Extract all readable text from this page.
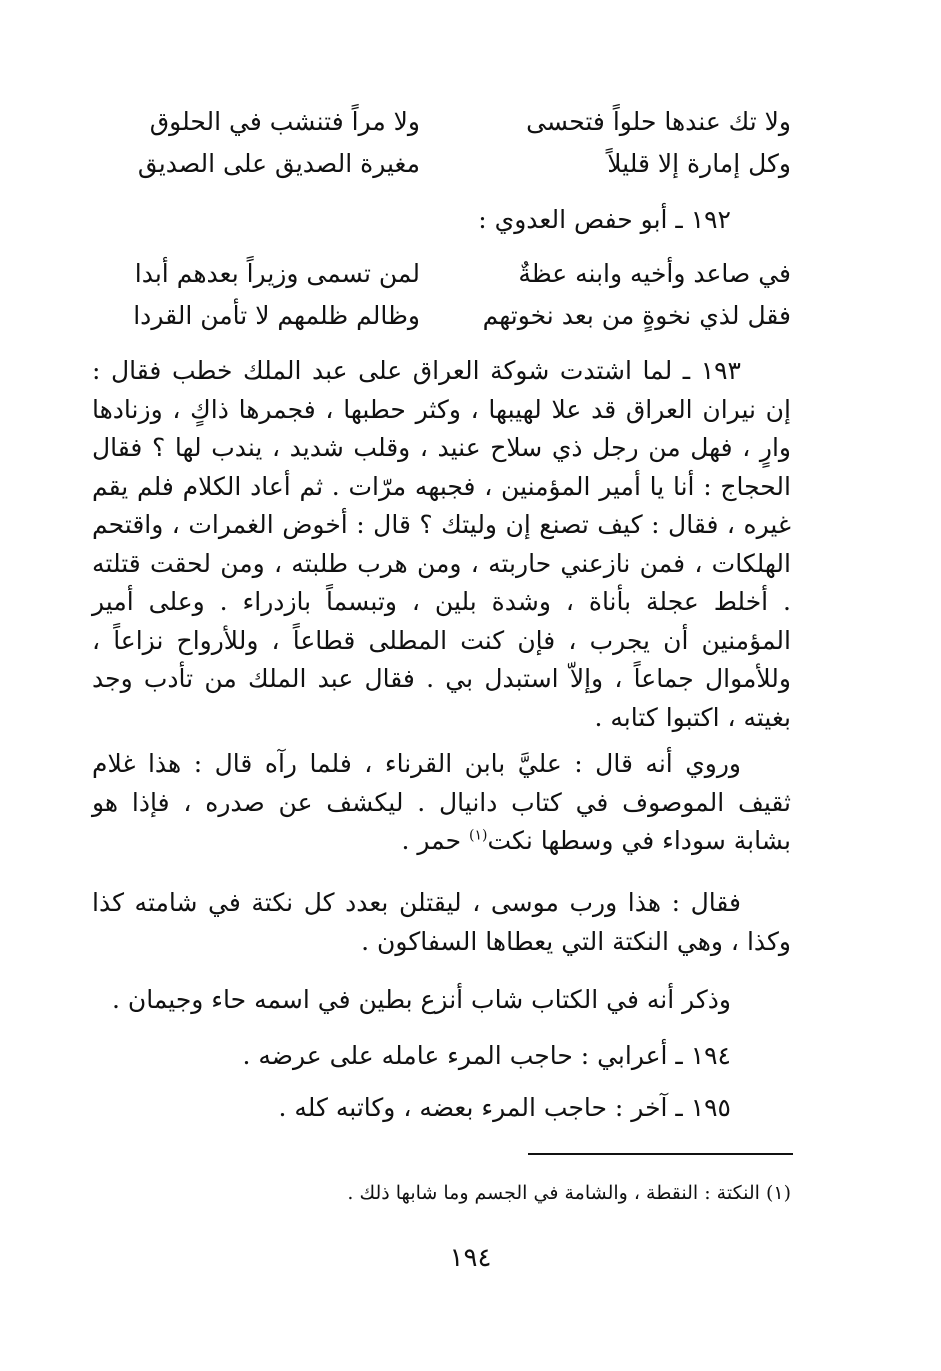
ولا تك عندها حلواً فتحسى
ولا مراً فتنشب في الحلوق
وكل إمارة إلا قليلاً
مغيرة الصديق على الصديق
١٩٢ ـ أبو حفص العدوي :
في صاعد وأخيه وابنه عظةٌ
لمن تسمى وزيراً بعدهم أبدا
فقل لذي نخوةٍ من بعد نخوتهم
وظالم ظلمهم لا تأمن القردا

١٩٣ ـ لما اشتدت شوكة العراق على عبد الملك خطب فقال : إن نيران العراق قد علا لهيبها ، وكثر حطبها ، فجمرها ذاكٍ ، وزنادها وارٍ ، فهل من رجل ذي سلاح عنيد ، وقلب شديد ، يندب لها ؟ فقال الحجاج : أنا يا أمير المؤمنين ، فجبهه مرّات . ثم أعاد الكلام فلم يقم غيره ، فقال : كيف تصنع إن وليتك ؟ قال : أخوض الغمرات ، واقتحم الهلكات ، فمن نازعني حاربته ، ومن هرب طلبته ، ومن لحقت قتلته . أخلط عجلة بأناة ، وشدة بلين ، وتبسماً بازدراء . وعلى أمير المؤمنين أن يجرب ، فإن كنت المطلى قطاعاً ، وللأرواح نزاعاً ، وللأموال جماعاً ، وإلاّ استبدل بي . فقال عبد الملك من تأدب وجد بغيته ، اكتبوا كتابه .

وروي أنه قال : عليَّ بابن القرناء ، فلما رآه قال : هذا غلام ثقيف الموصوف في كتاب دانيال . ليكشف عن صدره ، فإذا هو بشابة سوداء في وسطها نكت$^{(١)}$ حمر .

فقال : هذا ورب موسى ، ليقتلن بعدد كل نكتة في شامته كذا وكذا ، وهي النكتة التي يعطاها السفاكون .

وذكر أنه في الكتاب شاب أنزع بطين في اسمه حاء وجيمان .
١٩٤ ـ أعرابي : حاجب المرء عامله على عرضه .
١٩٥ ـ آخر : حاجب المرء بعضه ، وكاتبه كله .
(١) النكتة : النقطة ، والشامة في الجسم وما شابها ذلك .
١٩٤
